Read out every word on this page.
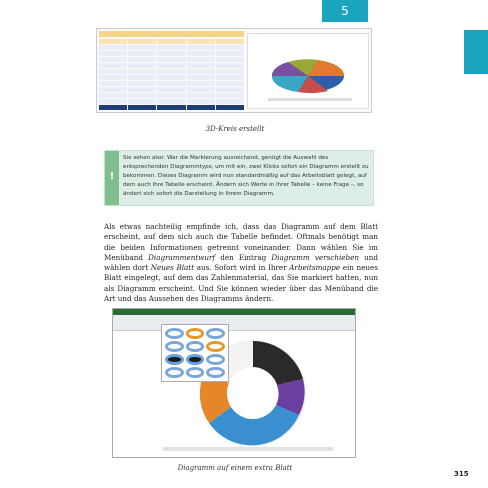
5
3D-Kreis erstellt
!

Sie sehen also: War die Markierung ausreichend, genügt die Auswahl des entsprechenden Diagrammtyps, um mit ein, zwei Klicks sofort ein Diagramm erstellt zu bekommen. Dieses Diagramm wird nun standardmäßig auf das Arbeitsblatt gelegt, auf dem auch Ihre Tabelle erscheint. Ändern sich Werte in Ihrer Tabelle – keine Frage –, so ändert sich sofort die Darstellung in Ihrem Diagramm.

Als etwas nachteilig empfinde ich, dass das Diagramm auf dem Blatt erscheint, auf dem sich auch die Tabelle befindet. Oftmals benötigt man die beiden Informationen getrennt voneinander. Dann wählen Sie im Menüband Diagrammentwurf den Eintrag Diagramm verschieben und wählen dort Neues Blatt aus. Sofort wird in Ihrer Arbeitsmappe ein neues Blatt eingelegt, auf dem das Zahlenmaterial, das Sie markiert hatten, nun als Diagramm erscheint. Und Sie können wieder über das Menüband die Art und das Aussehen des Diagramms ändern.
Diagramm auf einem extra Blatt
315
